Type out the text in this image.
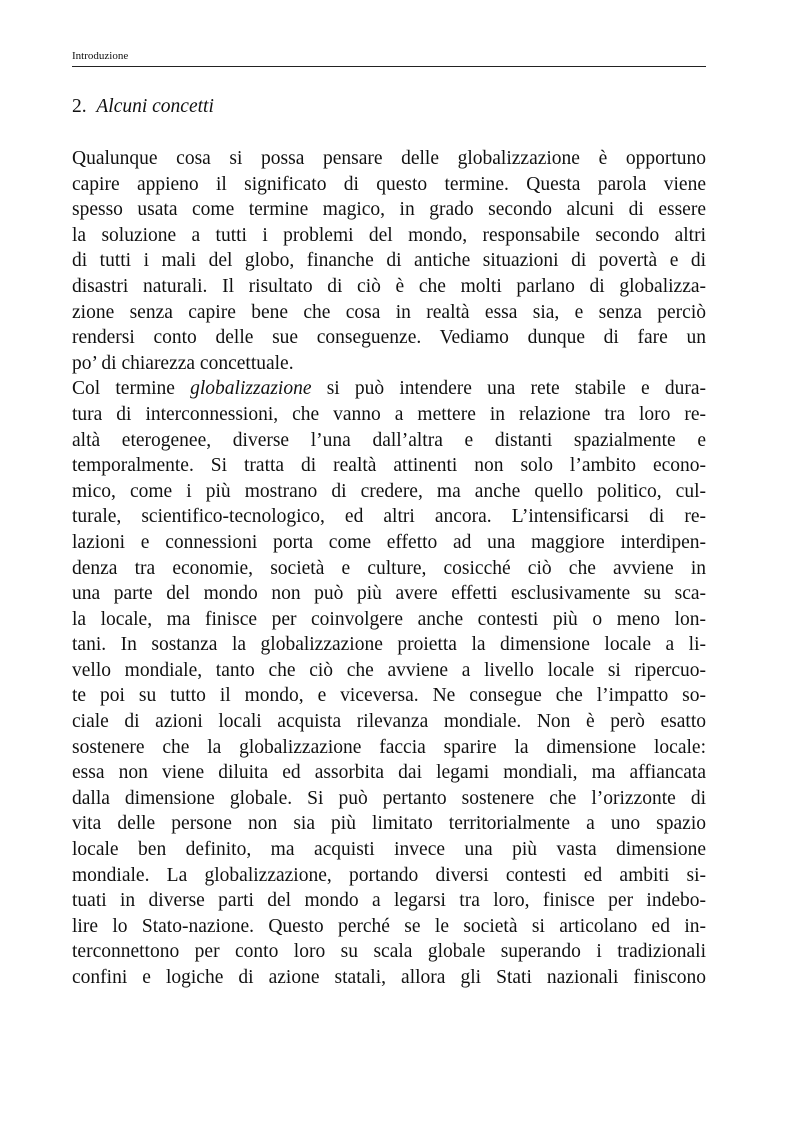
Introduzione
2. Alcuni concetti
Qualunque cosa si possa pensare delle globalizzazione è opportuno
capire appieno il significato di questo termine. Questa parola viene
spesso usata come termine magico, in grado secondo alcuni di essere
la soluzione a tutti i problemi del mondo, responsabile secondo altri
di tutti i mali del globo, finanche di antiche situazioni di povertà e di
disastri naturali. Il risultato di ciò è che molti parlano di globalizza-
zione senza capire bene che cosa in realtà essa sia, e senza perciò
rendersi conto delle sue conseguenze. Vediamo dunque di fare un
po’ di chiarezza concettuale.
Col termine globalizzazione si può intendere una rete stabile e dura-
tura di interconnessioni, che vanno a mettere in relazione tra loro re-
altà eterogenee, diverse l’una dall’altra e distanti spazialmente e
temporalmente. Si tratta di realtà attinenti non solo l’ambito econo-
mico, come i più mostrano di credere, ma anche quello politico, cul-
turale, scientifico-tecnologico, ed altri ancora. L’intensificarsi di re-
lazioni e connessioni porta come effetto ad una maggiore interdipen-
denza tra economie, società e culture, cosicché ciò che avviene in
una parte del mondo non può più avere effetti esclusivamente su sca-
la locale, ma finisce per coinvolgere anche contesti più o meno lon-
tani. In sostanza la globalizzazione proietta la dimensione locale a li-
vello mondiale, tanto che ciò che avviene a livello locale si ripercuo-
te poi su tutto il mondo, e viceversa. Ne consegue che l’impatto so-
ciale di azioni locali acquista rilevanza mondiale. Non è però esatto
sostenere che la globalizzazione faccia sparire la dimensione locale:
essa non viene diluita ed assorbita dai legami mondiali, ma affiancata
dalla dimensione globale. Si può pertanto sostenere che l’orizzonte di
vita delle persone non sia più limitato territorialmente a uno spazio
locale ben definito, ma acquisti invece una più vasta dimensione
mondiale. La globalizzazione, portando diversi contesti ed ambiti si-
tuati in diverse parti del mondo a legarsi tra loro, finisce per indebo-
lire lo Stato-nazione. Questo perché se le società si articolano ed in-
terconnettono per conto loro su scala globale superando i tradizionali
confini e logiche di azione statali, allora gli Stati nazionali finiscono
